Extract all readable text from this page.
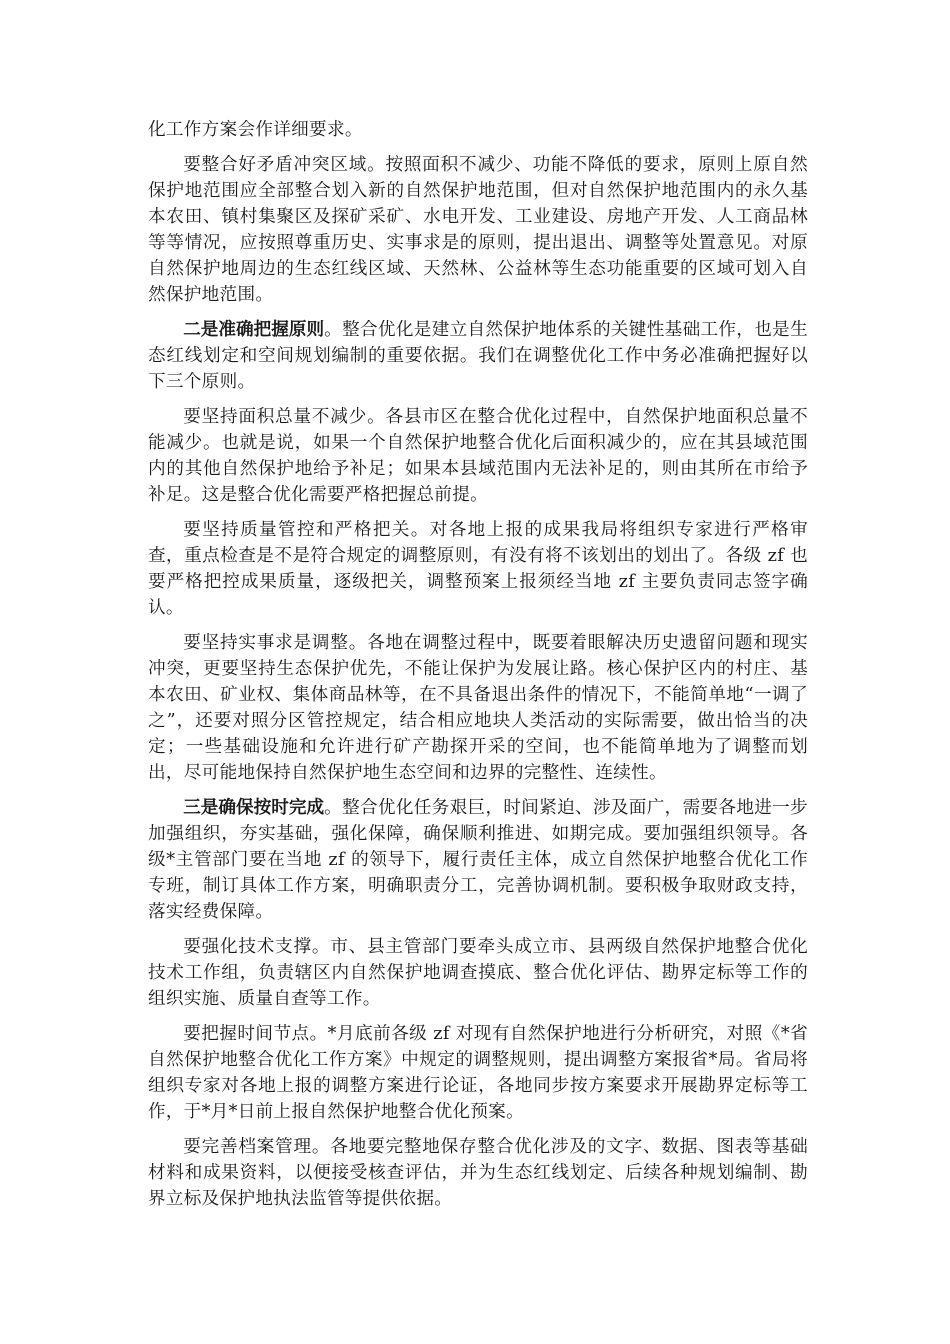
化工作方案会作详细要求。

要整合好矛盾冲突区域。按照面积不减少、功能不降低的要求，原则上原自然保护地范围应全部整合划入新的自然保护地范围，但对自然保护地范围内的永久基本农田、镇村集聚区及探矿采矿、水电开发、工业建设、房地产开发、人工商品林等等情况，应按照尊重历史、实事求是的原则，提出退出、调整等处置意见。对原自然保护地周边的生态红线区域、天然林、公益林等生态功能重要的区域可划入自然保护地范围。

二是准确把握原则。整合优化是建立自然保护地体系的关键性基础工作，也是生态红线划定和空间规划编制的重要依据。我们在调整优化工作中务必准确把握好以下三个原则。

要坚持面积总量不减少。各县市区在整合优化过程中，自然保护地面积总量不能减少。也就是说，如果一个自然保护地整合优化后面积减少的，应在其县域范围内的其他自然保护地给予补足；如果本县域范围内无法补足的，则由其所在市给予补足。这是整合优化需要严格把握总前提。

要坚持质量管控和严格把关。对各地上报的成果我局将组织专家进行严格审查，重点检查是不是符合规定的调整原则，有没有将不该划出的划出了。各级 zf 也要严格把控成果质量，逐级把关，调整预案上报须经当地 zf 主要负责同志签字确认。

要坚持实事求是调整。各地在调整过程中，既要着眼解决历史遗留问题和现实冲突，更要坚持生态保护优先，不能让保护为发展让路。核心保护区内的村庄、基本农田、矿业权、集体商品林等，在不具备退出条件的情况下，不能简单地“一调了之”，还要对照分区管控规定，结合相应地块人类活动的实际需要，做出恰当的决定；一些基础设施和允许进行矿产勘探开采的空间，也不能简单地为了调整而划出，尽可能地保持自然保护地生态空间和边界的完整性、连续性。

三是确保按时完成。整合优化任务艰巨，时间紧迫、涉及面广，需要各地进一步加强组织，夯实基础，强化保障，确保顺利推进、如期完成。要加强组织领导。各级*主管部门要在当地 zf 的领导下，履行责任主体，成立自然保护地整合优化工作专班，制订具体工作方案，明确职责分工，完善协调机制。要积极争取财政支持，落实经费保障。

要强化技术支撑。市、县主管部门要牵头成立市、县两级自然保护地整合优化技术工作组，负责辖区内自然保护地调查摸底、整合优化评估、勘界定标等工作的组织实施、质量自查等工作。

要把握时间节点。*月底前各级 zf 对现有自然保护地进行分析研究，对照《*省自然保护地整合优化工作方案》中规定的调整规则，提出调整方案报省*局。省局将组织专家对各地上报的调整方案进行论证，各地同步按方案要求开展勘界定标等工作，于*月*日前上报自然保护地整合优化预案。

要完善档案管理。各地要完整地保存整合优化涉及的文字、数据、图表等基础材料和成果资料，以便接受核查评估，并为生态红线划定、后续各种规划编制、勘界立标及保护地执法监管等提供依据。
